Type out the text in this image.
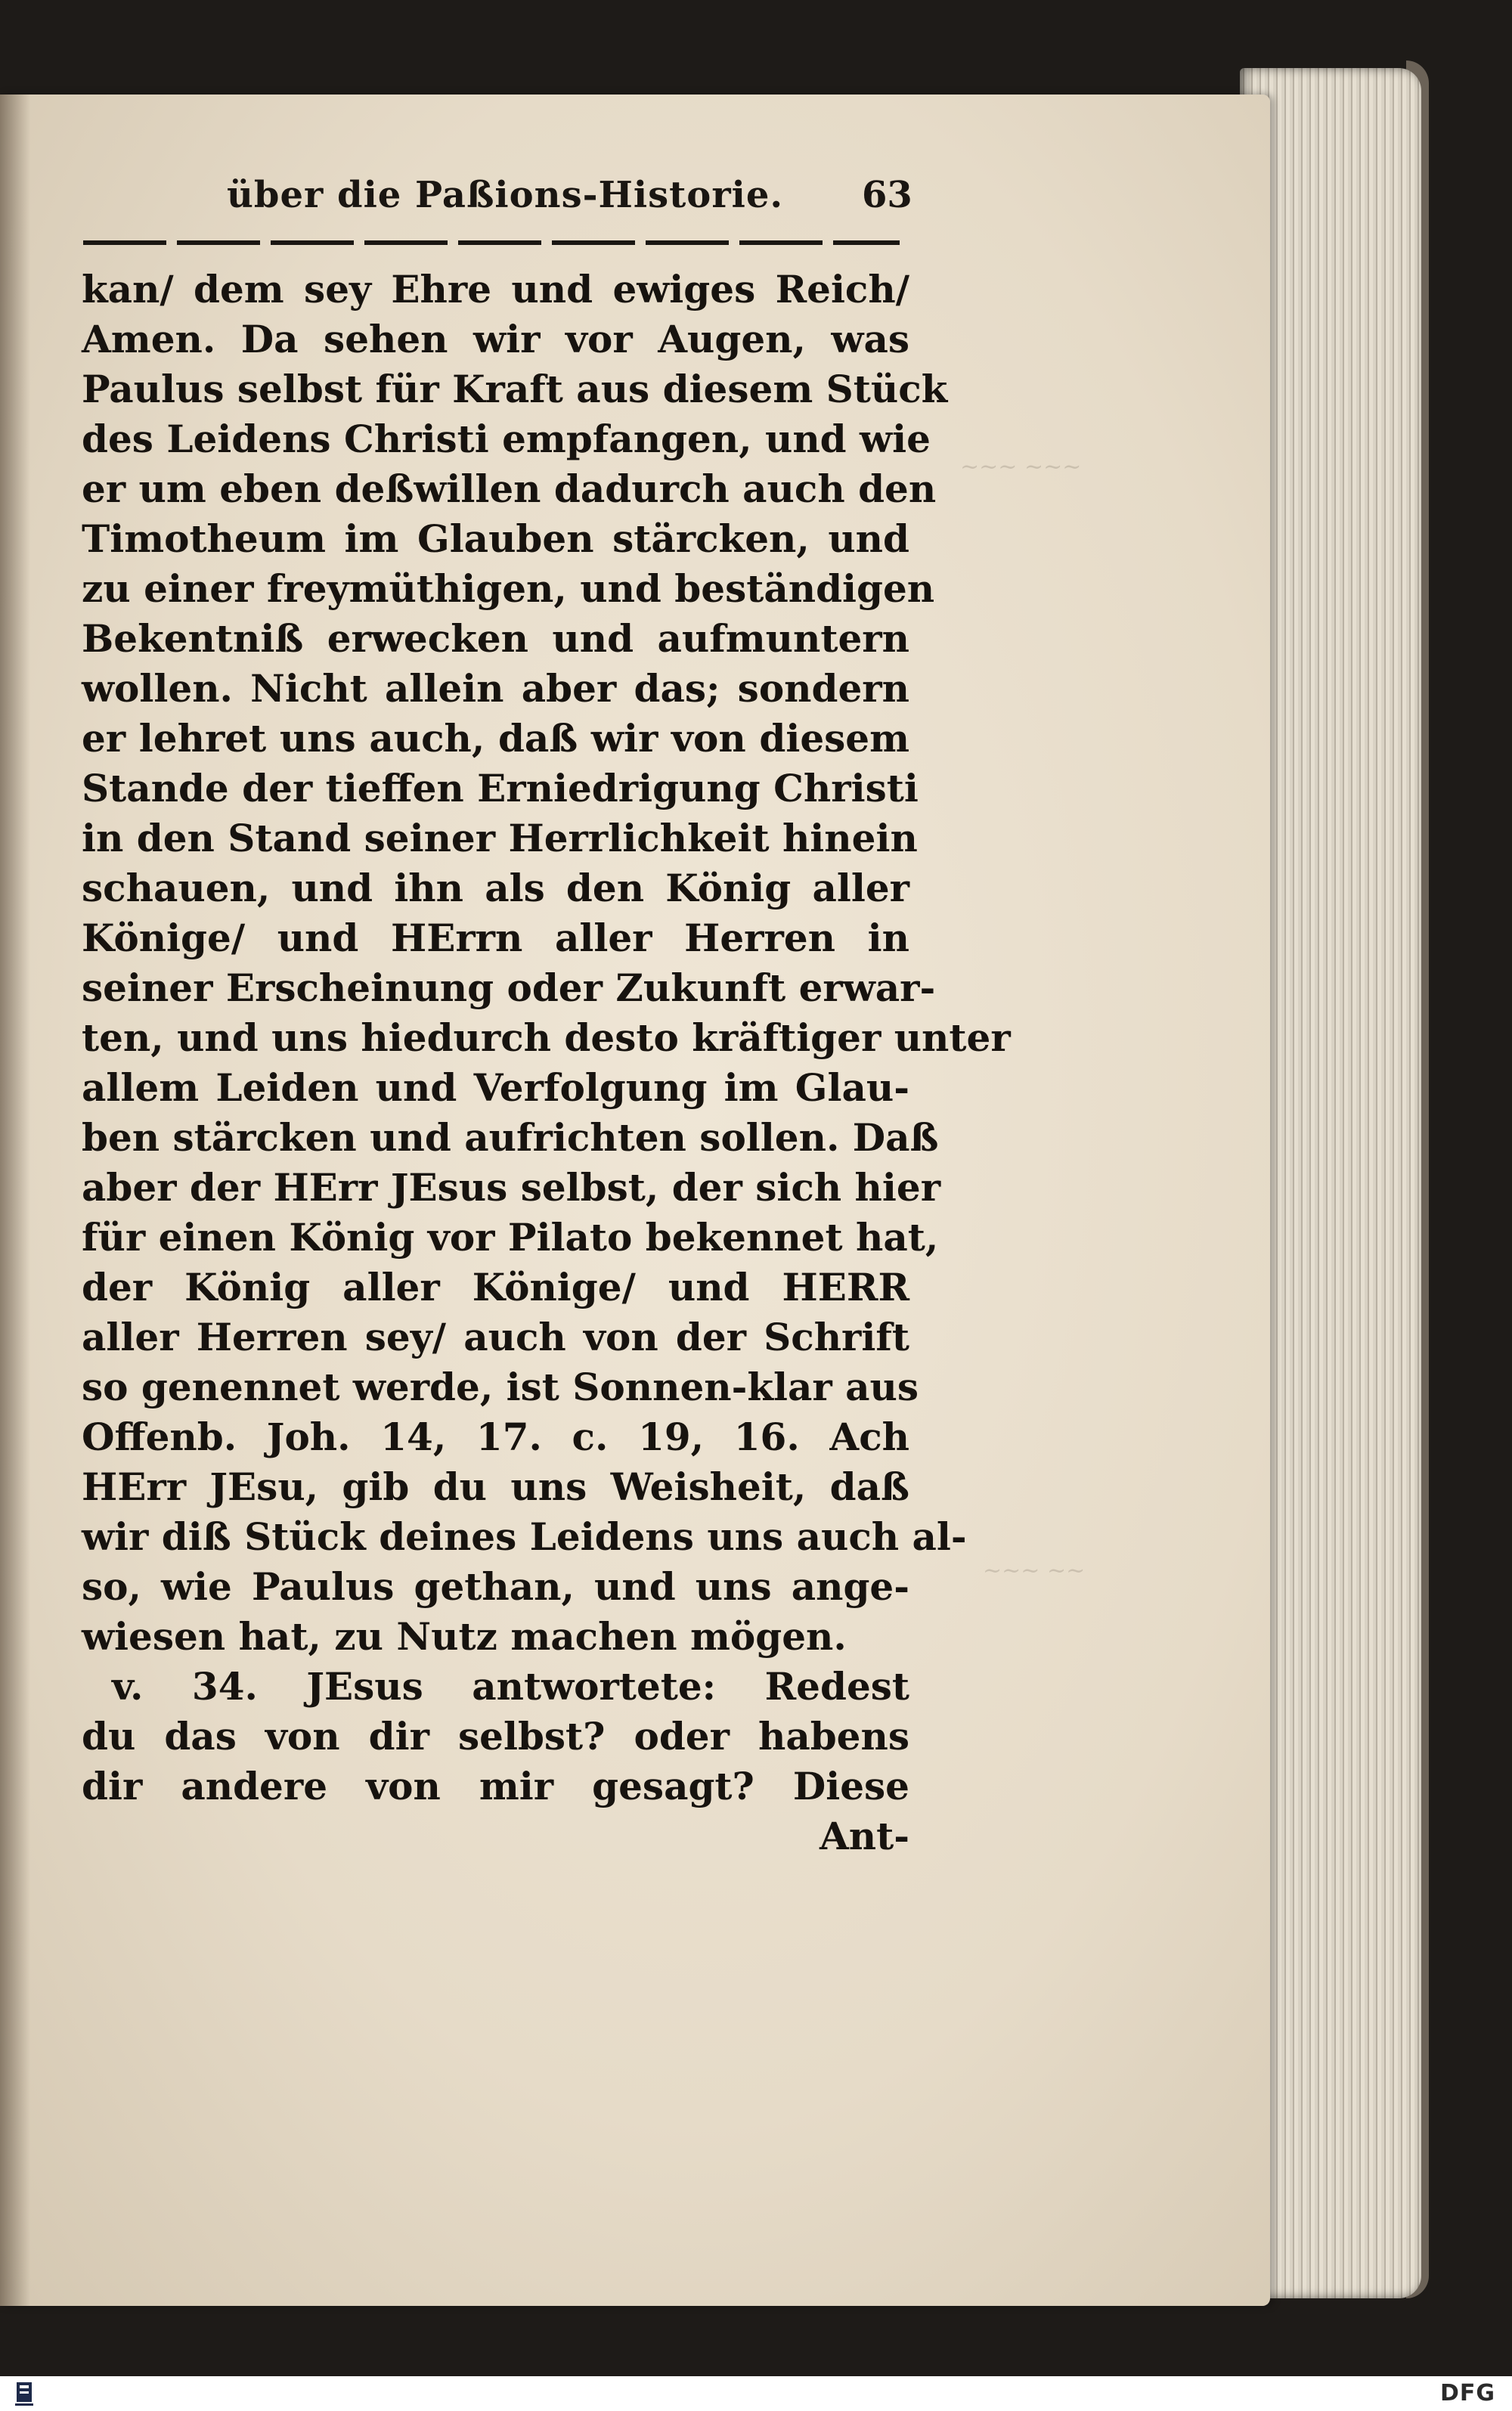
~~~ ~~~
~~~ ~~
über die Paßions-Historie.	63
kan/ dem sey Ehre und ewiges Reich/
Amen. Da sehen wir vor Augen, was
Paulus selbst für Kraft aus diesem Stück
des Leidens Christi empfangen, und wie
er um eben deßwillen dadurch auch den
Timotheum im Glauben stärcken, und
zu einer freymüthigen, und beständigen
Bekentniß erwecken und aufmuntern
wollen. Nicht allein aber das; sondern
er lehret uns auch, daß wir von diesem
Stande der tieffen Erniedrigung Christi
in den Stand seiner Herrlichkeit hinein
schauen, und ihn als den König aller
Könige/ und HErrn aller Herren in
seiner Erscheinung oder Zukunft erwar-
ten, und uns hiedurch desto kräftiger unter
allem Leiden und Verfolgung im Glau-
ben stärcken und aufrichten sollen. Daß
aber der HErr JEsus selbst, der sich hier
für einen König vor Pilato bekennet hat,
der König aller Könige/ und HERR
aller Herren sey/ auch von der Schrift
so genennet werde, ist Sonnen-klar aus
Offenb. Joh. 14, 17. c. 19, 16. Ach
HErr JEsu, gib du uns Weisheit, daß
wir diß Stück deines Leidens uns auch al-
so, wie Paulus gethan, und uns ange-
wiesen hat, zu Nutz machen mögen.
v. 34. JEsus antwortete: Redest
du das von dir selbst? oder habens
dir andere von mir gesagt? Diese
Ant-
DFG
